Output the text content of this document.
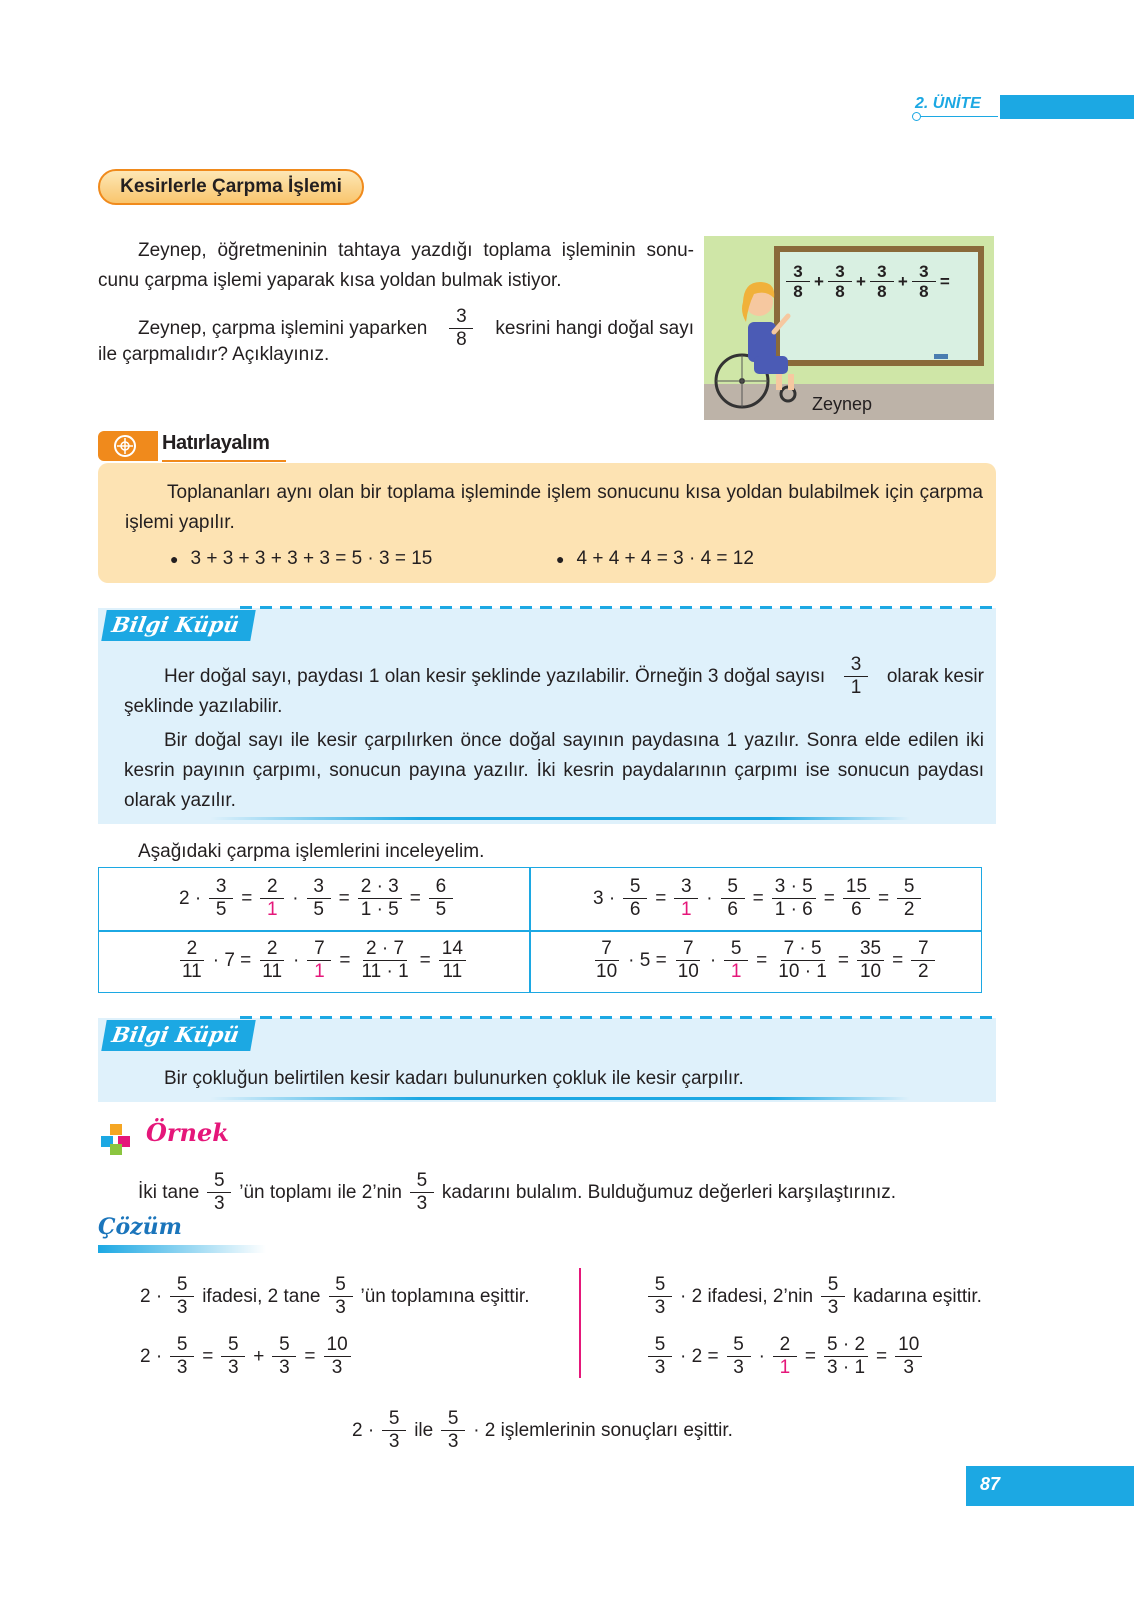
2. ÜNİTE
Kesirlerle Çarpma İşlemi
Zeynep, öğretmeninin tahtaya yazdığı toplama işleminin sonu-cunu çarpma işlemi yaparak kısa yoldan bulmak istiyor.
Zeynep, çarpma işlemini yaparken $\frac{3}{8}$ kesrini hangi doğal sayı
ile çarpmalıdır? Açıklayınız.
$\frac{3}{8} + \frac{3}{8} + \frac{3}{8} + \frac{3}{8}$ =
Zeynep
Hatırlayalım
Toplananları aynı olan bir toplama işleminde işlem sonucunu kısa yoldan bulabilmek için çarpma işlemi yapılır.
● 3 + 3 + 3 + 3 + 3 = 5 · 3 = 15	● 4 + 4 + 4 = 3 · 4 = 12
Bilgi Küpü
Her doğal sayı, paydası 1 olan kesir şeklinde yazılabilir. Örneğin 3 doğal sayısı $\frac{3}{1}$ olarak kesir
şeklinde yazılabilir.
Bir doğal sayı ile kesir çarpılırken önce doğal sayının paydasına 1 yazılır. Sonra elde edilen iki kesrin payının çarpımı, sonucun payına yazılır. İki kesrin paydalarının çarpımı ise sonucun paydası olarak yazılır.
Aşağıdaki çarpma işlemlerini inceleyelim.
$2 \cdot \frac{3}{5} = \frac{2}{1} \cdot \frac{3}{5} = \frac{2 \cdot 3}{1 \cdot 5} = \frac{6}{5}$	$3 \cdot \frac{5}{6} = \frac{3}{1} \cdot \frac{5}{6} = \frac{3 \cdot 5}{1 \cdot 6} = \frac{15}{6} = \frac{5}{2}$
$\frac{2}{11} \cdot 7 = \frac{2}{11} \cdot \frac{7}{1} = \frac{2 \cdot 7}{11 \cdot 1} = \frac{14}{11}$	$\frac{7}{10} \cdot 5 = \frac{7}{10} \cdot \frac{5}{1} = \frac{7 \cdot 5}{10 \cdot 1} = \frac{35}{10} = \frac{7}{2}$
Bilgi Küpü
Bir çokluğun belirtilen kesir kadarı bulunurken çokluk ile kesir çarpılır.
Örnek
İki tane $\frac{5}{3}$ ’ün toplamı ile 2’nin $\frac{5}{3}$ kadarını bulalım. Bulduğumuz değerleri karşılaştırınız.
Çözüm
$2 \cdot \frac{5}{3}$ ifadesi, 2 tane $\frac{5}{3}$ ’ün toplamına eşittir.
$2 \cdot \frac{5}{3} = \frac{5}{3} + \frac{5}{3} = \frac{10}{3}$
$\frac{5}{3} \cdot 2$ ifadesi, 2’nin $\frac{5}{3}$ kadarına eşittir.
$\frac{5}{3} \cdot 2 = \frac{5}{3} \cdot \frac{2}{1} = \frac{5 \cdot 2}{3 \cdot 1} = \frac{10}{3}$
$2 \cdot \frac{5}{3}$ ile $\frac{5}{3} \cdot 2$ işlemlerinin sonuçları eşittir.
87
